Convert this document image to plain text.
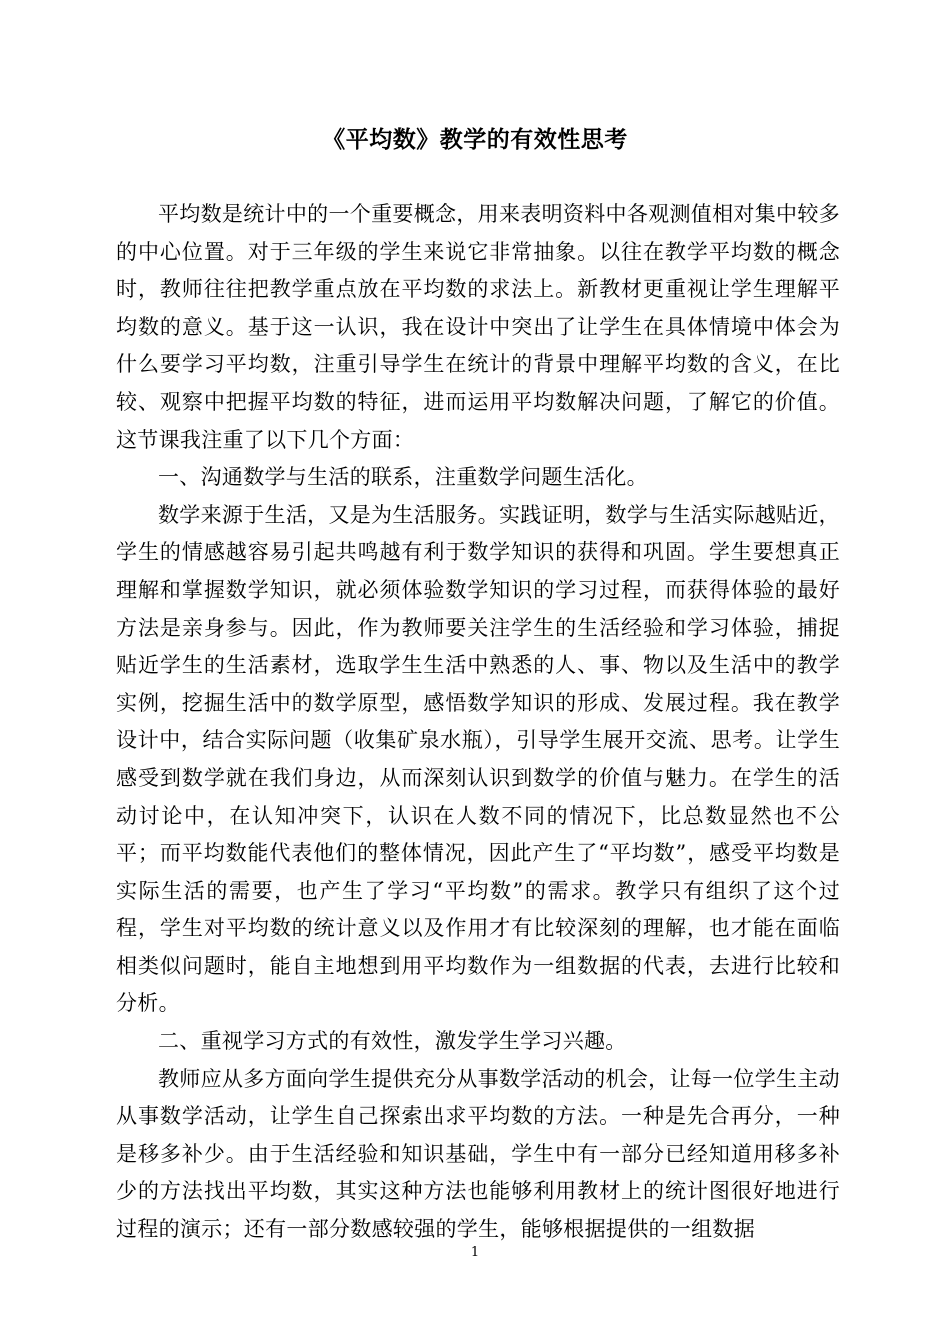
《平均数》教学的有效性思考

平均数是统计中的一个重要概念，用来表明资料中各观测值相对集中较多的中心位置。对于三年级的学生来说它非常抽象。以往在教学平均数的概念时，教师往往把教学重点放在平均数的求法上。新教材更重视让学生理解平均数的意义。基于这一认识，我在设计中突出了让学生在具体情境中体会为什么要学习平均数，注重引导学生在统计的背景中理解平均数的含义，在比较、观察中把握平均数的特征，进而运用平均数解决问题，了解它的价值。这节课我注重了以下几个方面：

一、沟通数学与生活的联系，注重数学问题生活化。

数学来源于生活，又是为生活服务。实践证明，数学与生活实际越贴近，学生的情感越容易引起共鸣越有利于数学知识的获得和巩固。学生要想真正理解和掌握数学知识，就必须体验数学知识的学习过程，而获得体验的最好方法是亲身参与。因此，作为教师要关注学生的生活经验和学习体验，捕捉贴近学生的生活素材，选取学生生活中熟悉的人、事、物以及生活中的教学实例，挖掘生活中的数学原型，感悟数学知识的形成、发展过程。我在教学设计中，结合实际问题（收集矿泉水瓶），引导学生展开交流、思考。让学生感受到数学就在我们身边，从而深刻认识到数学的价值与魅力。在学生的活动讨论中，在认知冲突下，认识在人数不同的情况下，比总数显然也不公平；而平均数能代表他们的整体情况，因此产生了“平均数”，感受平均数是实际生活的需要，也产生了学习“平均数”的需求。教学只有组织了这个过程，学生对平均数的统计意义以及作用才有比较深刻的理解，也才能在面临相类似问题时，能自主地想到用平均数作为一组数据的代表，去进行比较和分析。

二、重视学习方式的有效性，激发学生学习兴趣。

教师应从多方面向学生提供充分从事数学活动的机会，让每一位学生主动从事数学活动，让学生自己探索出求平均数的方法。一种是先合再分，一种是移多补少。由于生活经验和知识基础，学生中有一部分已经知道用移多补少的方法找出平均数，其实这种方法也能够利用教材上的统计图很好地进行过程的演示；还有一部分数感较强的学生，能够根据提供的一组数据

1
